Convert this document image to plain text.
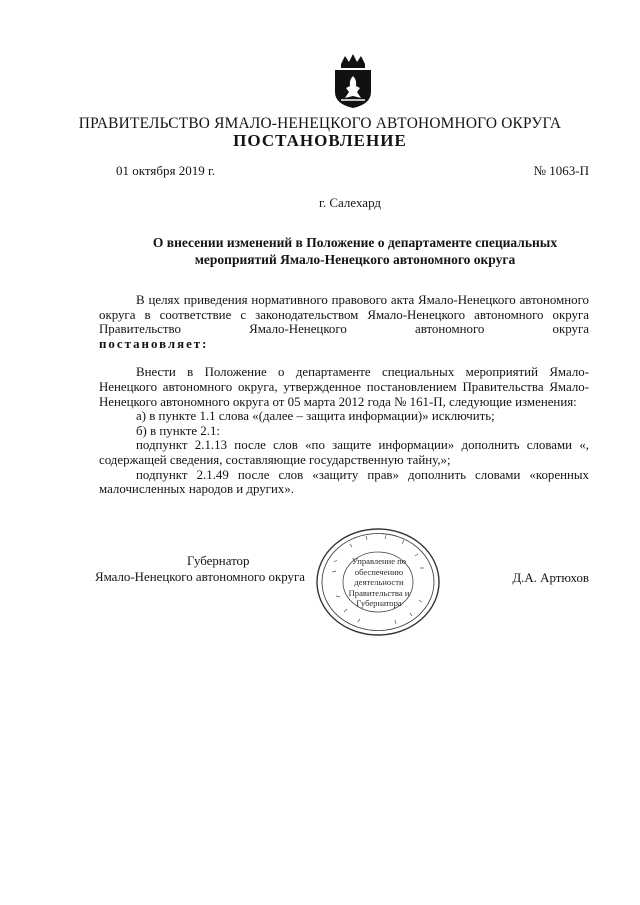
ПРАВИТЕЛЬСТВО ЯМАЛО-НЕНЕЦКОГО АВТОНОМНОГО ОКРУГА
ПОСТАНОВЛЕНИЕ
01 октября 2019 г.	№ 1063-П
г. Салехард
О внесении изменений в Положение о департаменте специальных
мероприятий Ямало-Ненецкого автономного округа

В целях приведения нормативного правового акта Ямало-Ненецкого автономного округа в соответствие с законодательством Ямало-Ненецкого автономного округа Правительство Ямало-Ненецкого автономного округа

постановляет:

Внести в Положение о департаменте специальных мероприятий Ямало-Ненецкого автономного округа, утвержденное постановлением Правительства Ямало-Ненецкого автономного округа от 05 марта 2012 года № 161-П, следующие изменения:

а) в пункте 1.1 слова «(далее – защита информации)» исключить;

б) в пункте 2.1:

подпункт 2.1.13 после слов «по защите информации» дополнить словами «, содержащей сведения, составляющие государственную тайну,»;

подпункт 2.1.49 после слов «защиту прав» дополнить словами «коренных малочисленных народов и других».

Губернатор
Ямало-Ненецкого автономного округа	Д.А. Артюхов
Управление по обеспечению деятельности Правительства и Губернатора
